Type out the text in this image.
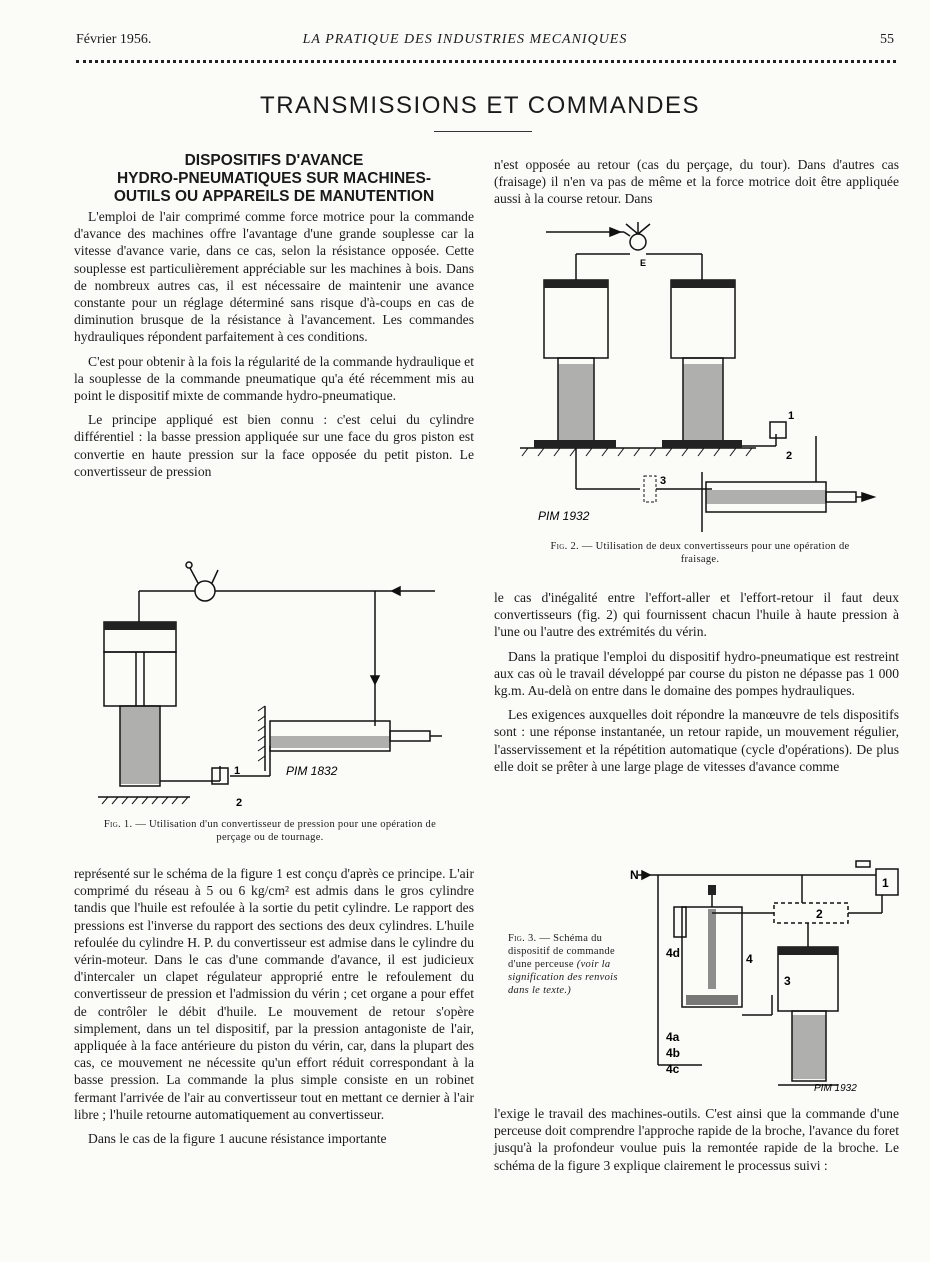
Février 1956.	LA PRATIQUE DES INDUSTRIES MECANIQUES	55
TRANSMISSIONS ET COMMANDES
DISPOSITIFS D'AVANCE
HYDRO-PNEUMATIQUES SUR MACHINES-
OUTILS OU APPAREILS DE MANUTENTION

L'emploi de l'air comprimé comme force motrice pour la commande d'avance des machines offre l'avantage d'une grande souplesse car la vitesse d'avance varie, dans ce cas, selon la résistance opposée. Cette souplesse est particulièrement appréciable sur les machines à bois. Dans de nombreux autres cas, il est nécessaire de maintenir une avance constante pour un réglage déterminé sans risque d'à-coups en cas de diminution brusque de la résistance à l'avancement. Les commandes hydrauliques répondent parfaitement à ces conditions.

C'est pour obtenir à la fois la régularité de la commande hydraulique et la souplesse de la commande pneumatique qu'a été récemment mis au point le dispositif mixte de commande hydro-pneumatique.

Le principe appliqué est bien connu : c'est celui du cylindre différentiel : la basse pression appliquée sur une face du gros piston est convertie en haute pression sur la face opposée du petit piston. Le convertisseur de pression

1
2
PIM 1832
Fig. 1. — Utilisation d'un convertisseur de pression pour une opération de perçage ou de tournage.

représenté sur le schéma de la figure 1 est conçu d'après ce principe. L'air comprimé du réseau à 5 ou 6 kg/cm² est admis dans le gros cylindre tandis que l'huile est refoulée à la sortie du petit cylindre. Le rapport des pressions est l'inverse du rapport des sections des deux cylindres. L'huile refoulée du cylindre H. P. du convertisseur est admise dans le cylindre du vérin-moteur. Dans le cas d'une commande d'avance, il est judicieux d'intercaler un clapet régulateur approprié entre le refoulement du convertisseur de pression et l'admission du vérin ; cet organe a pour effet de contrôler le débit d'huile. Le mouvement de retour s'opère simplement, dans un tel dispositif, par la pression antagoniste de l'air, appliquée à la face antérieure du piston du vérin, car, dans la plupart des cas, ce mouvement ne nécessite qu'un effort réduit correspondant à la basse pression. La commande la plus simple consiste en un robinet fermant l'arrivée de l'air au convertisseur tout en mettant ce dernier à l'air libre ; l'huile retourne automatiquement au convertisseur.

Dans le cas de la figure 1 aucune résistance importante

n'est opposée au retour (cas du perçage, du tour). Dans d'autres cas (fraisage) il n'en va pas de même et la force motrice doit être appliquée aussi à la course retour. Dans

E
1
2
3
PIM 1932
Fig. 2. — Utilisation de deux convertisseurs pour une opération de fraisage.

le cas d'inégalité entre l'effort-aller et l'effort-retour il faut deux convertisseurs (fig. 2) qui fournissent chacun l'huile à haute pression à l'une ou l'autre des extrémités du vérin.

Dans la pratique l'emploi du dispositif hydro-pneumatique est restreint aux cas où le travail développé par course du piston ne dépasse pas 1 000 kg.m. Au-delà on entre dans le domaine des pompes hydrauliques.

Les exigences auxquelles doit répondre la manœuvre de tels dispositifs sont : une réponse instantanée, un retour rapide, un mouvement régulier, l'asservissement et la répétition automatique (cycle d'opérations). De plus elle doit se prêter à une large plage de vitesses d'avance comme

Fig. 3. — Schéma du dispositif de commande d'une perceuse (voir la signification des renvois dans le texte.)
N
1
2
3
4
4d
4a
4b
4c
PIM 1932

l'exige le travail des machines-outils. C'est ainsi que la commande d'une perceuse doit comprendre l'approche rapide de la broche, l'avance du foret jusqu'à la profondeur voulue puis la remontée rapide de la broche. Le schéma de la figure 3 explique clairement le processus suivi :
